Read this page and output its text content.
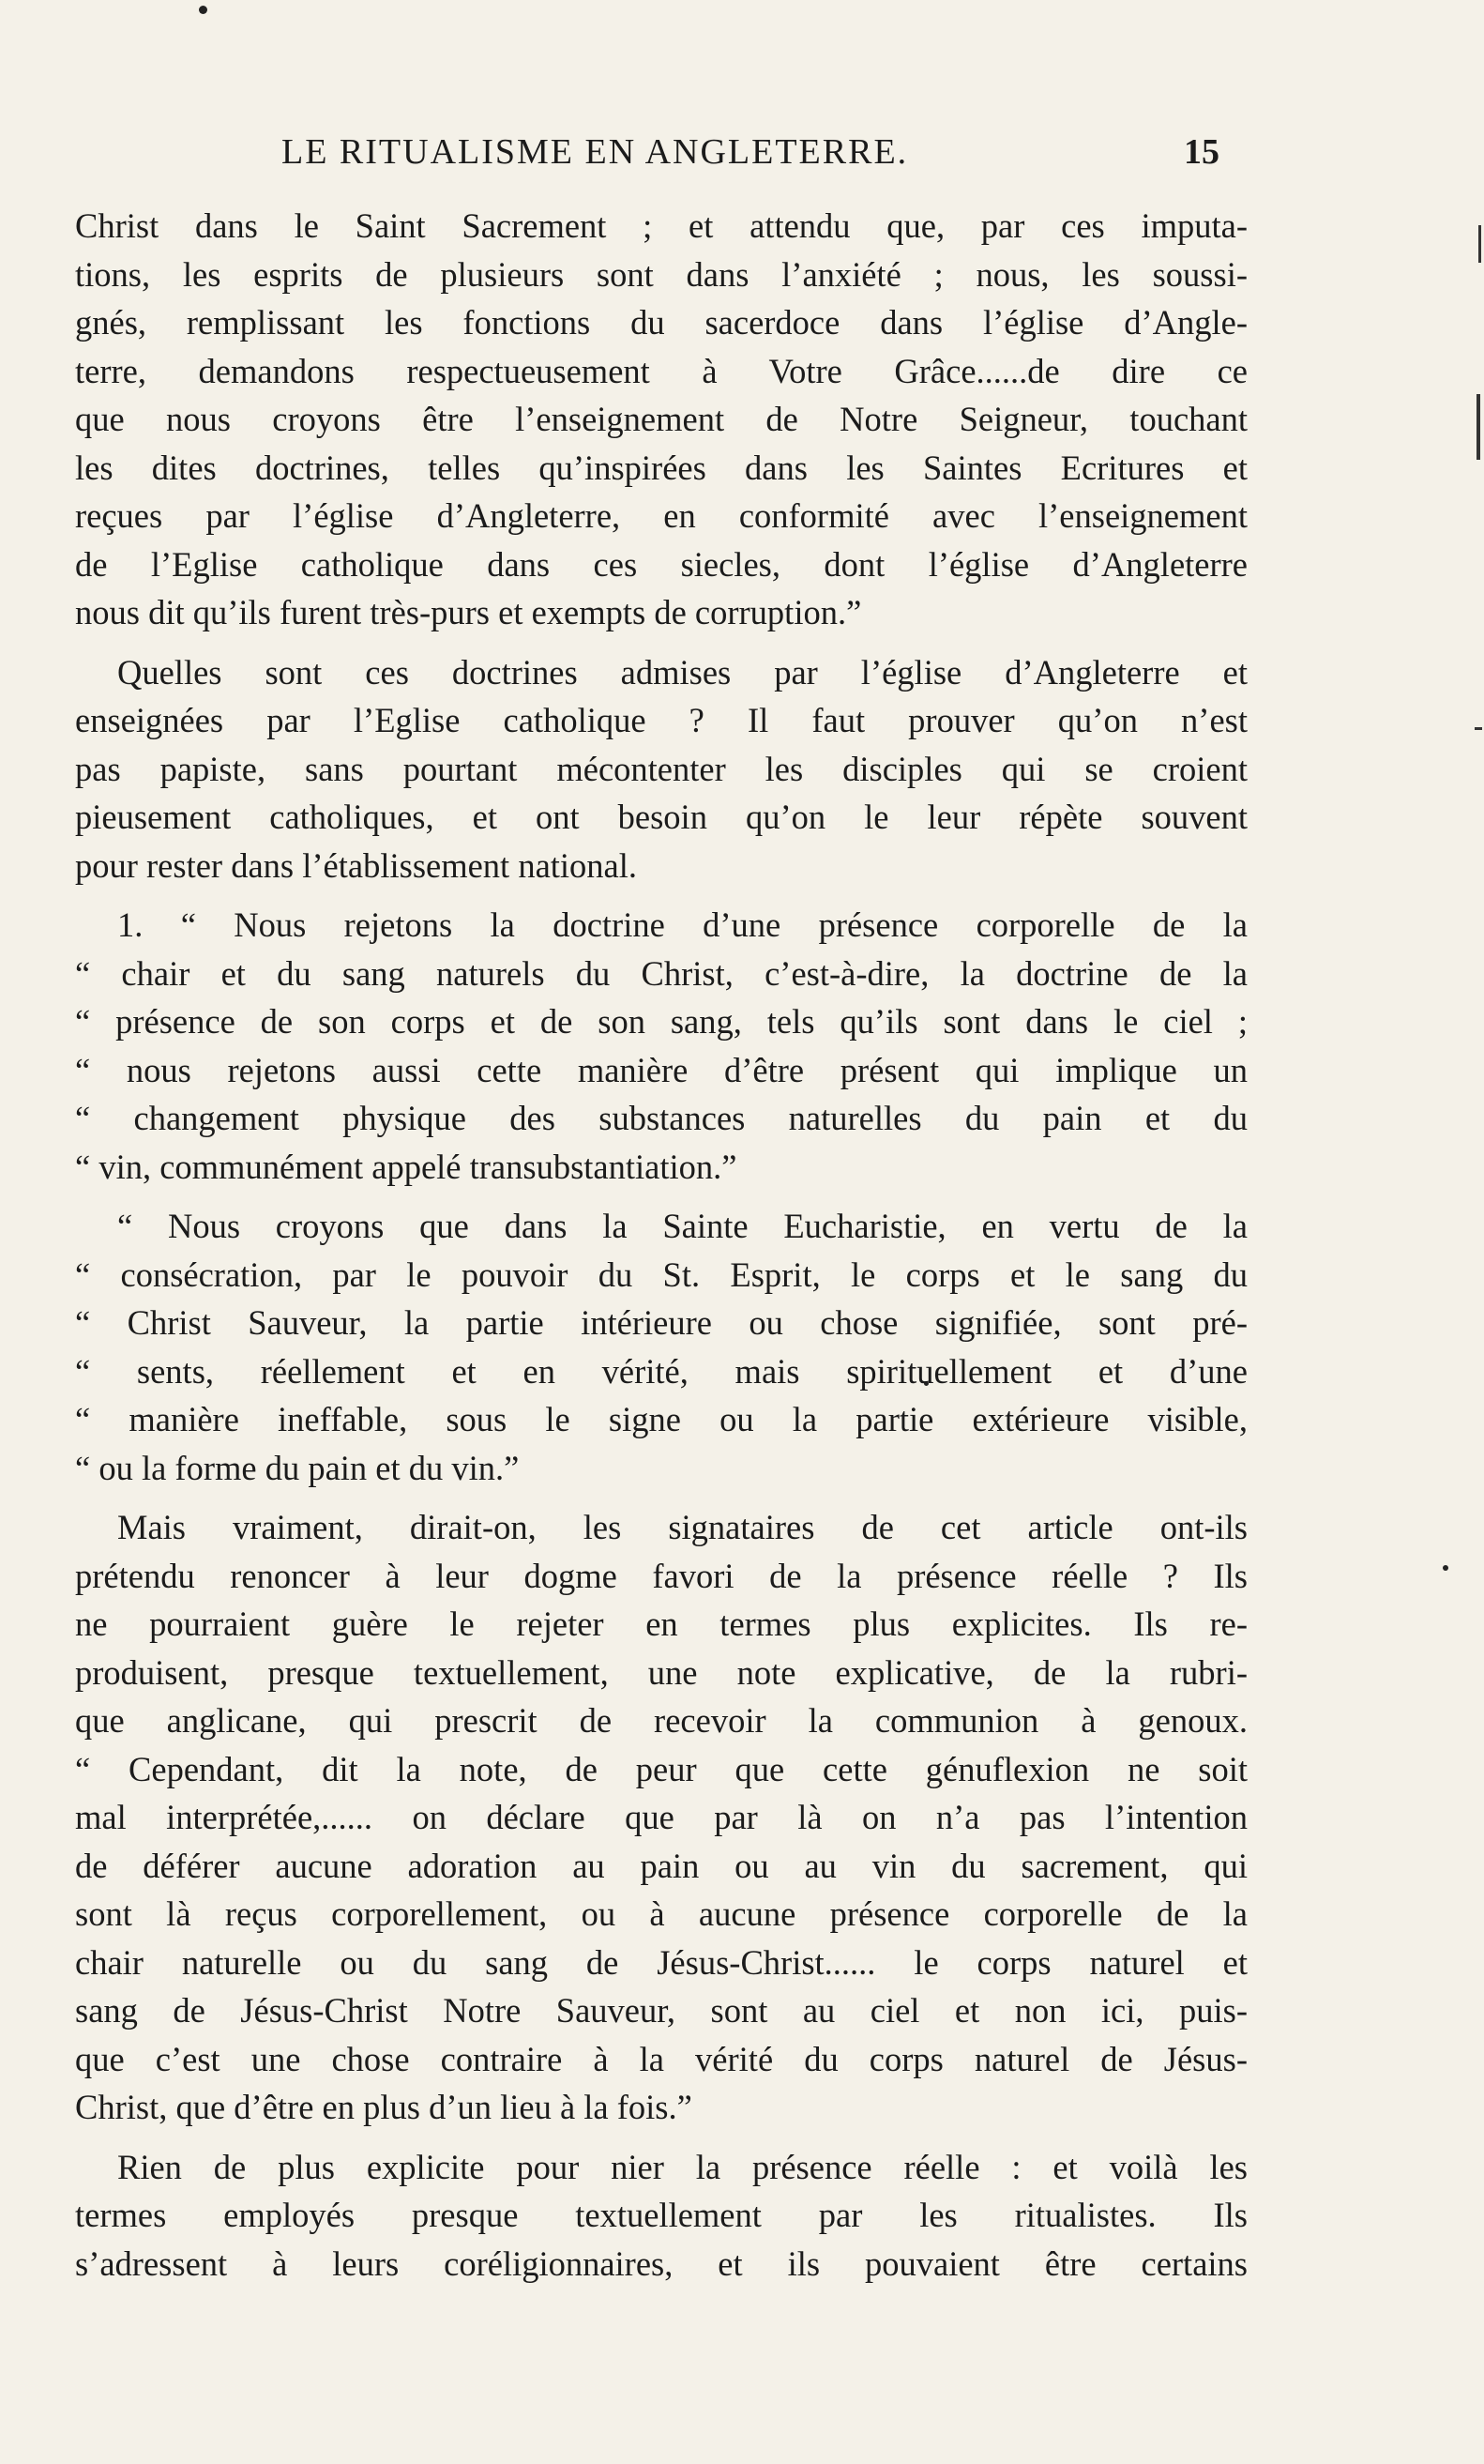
LE RITUALISME EN ANGLETERRE.	15
Christ dans le Saint Sacrement ; et attendu que, par ces imputa-
tions, les esprits de plusieurs sont dans l’anxiété ; nous, les soussi-
gnés, remplissant les fonctions du sacerdoce dans l’église d’Angle-
terre, demandons respectueusement à Votre Grâce......de dire ce
que nous croyons être l’enseignement de Notre Seigneur, touchant
les dites doctrines, telles qu’inspirées dans les Saintes Ecritures et
reçues par l’église d’Angleterre, en conformité avec l’enseignement
de l’Eglise catholique dans ces siecles, dont l’église d’Angleterre
nous dit qu’ils furent très-purs et exempts de corruption.”
Quelles sont ces doctrines admises par l’église d’Angleterre et
enseignées par l’Eglise catholique ? Il faut prouver qu’on n’est
pas papiste, sans pourtant mécontenter les disciples qui se croient
pieusement catholiques, et ont besoin qu’on le leur répète souvent
pour rester dans l’établissement national.
1. “ Nous rejetons la doctrine d’une présence corporelle de la
“ chair et du sang naturels du Christ, c’est-à-dire, la doctrine de la
“ présence de son corps et de son sang, tels qu’ils sont dans le ciel ;
“ nous rejetons aussi cette manière d’être présent qui implique un
“ changement physique des substances naturelles du pain et du
“ vin, communément appelé transubstantiation.”
“ Nous croyons que dans la Sainte Eucharistie, en vertu de la
“ consécration, par le pouvoir du St. Esprit, le corps et le sang du
“ Christ Sauveur, la partie intérieure ou chose signifiée, sont pré-
“ sents, réellement et en vérité, mais spirituellement et d’une
“ manière ineffable, sous le signe ou la partie extérieure visible,
“ ou la forme du pain et du vin.”
Mais vraiment, dirait-on, les signataires de cet article ont-ils
prétendu renoncer à leur dogme favori de la présence réelle ? Ils
ne pourraient guère le rejeter en termes plus explicites. Ils re-
produisent, presque textuellement, une note explicative, de la rubri-
que anglicane, qui prescrit de recevoir la communion à genoux.
“ Cependant, dit la note, de peur que cette génuflexion ne soit
mal interprétée,...... on déclare que par là on n’a pas l’intention
de déférer aucune adoration au pain ou au vin du sacrement, qui
sont là reçus corporellement, ou à aucune présence corporelle de la
chair naturelle ou du sang de Jésus-Christ...... le corps naturel et
sang de Jésus-Christ Notre Sauveur, sont au ciel et non ici, puis-
que c’est une chose contraire à la vérité du corps naturel de Jésus-
Christ, que d’être en plus d’un lieu à la fois.”
Rien de plus explicite pour nier la présence réelle : et voilà les
termes employés presque textuellement par les ritualistes. Ils
s’adressent à leurs coréligionnaires, et ils pouvaient être certains
